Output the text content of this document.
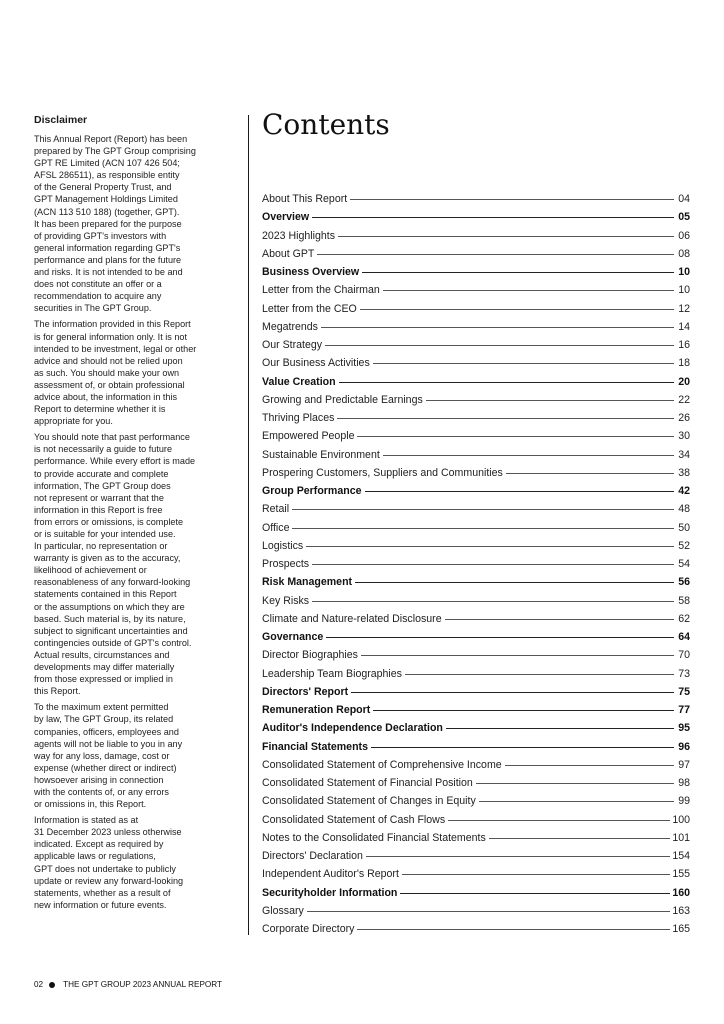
Disclaimer

This Annual Report (Report) has been
prepared by The GPT Group comprising
GPT RE Limited (ACN 107 426 504;
AFSL 286511), as responsible entity
of the General Property Trust, and
GPT Management Holdings Limited
(ACN 113 510 188) (together, GPT).
It has been prepared for the purpose
of providing GPT's investors with
general information regarding GPT's
performance and plans for the future
and risks. It is not intended to be and
does not constitute an offer or a
recommendation to acquire any
securities in The GPT Group.

The information provided in this Report
is for general information only. It is not
intended to be investment, legal or other
advice and should not be relied upon
as such. You should make your own
assessment of, or obtain professional
advice about, the information in this
Report to determine whether it is
appropriate for you.

You should note that past performance
is not necessarily a guide to future
performance. While every effort is made
to provide accurate and complete
information, The GPT Group does
not represent or warrant that the
information in this Report is free
from errors or omissions, is complete
or is suitable for your intended use.
In particular, no representation or
warranty is given as to the accuracy,
likelihood of achievement or
reasonableness of any forward-looking
statements contained in this Report
or the assumptions on which they are
based. Such material is, by its nature,
subject to significant uncertainties and
contingencies outside of GPT's control.
Actual results, circumstances and
developments may differ materially
from those expressed or implied in
this Report.

To the maximum extent permitted
by law, The GPT Group, its related
companies, officers, employees and
agents will not be liable to you in any
way for any loss, damage, cost or
expense (whether direct or indirect)
howsoever arising in connection
with the contents of, or any errors
or omissions in, this Report.

Information is stated as at
31 December 2023 unless otherwise
indicated. Except as required by
applicable laws or regulations,
GPT does not undertake to publicly
update or review any forward-looking
statements, whether as a result of
new information or future events.

Contents
About This Report	04
Overview	05
2023 Highlights	06
About GPT	08
Business Overview	10
Letter from the Chairman	10
Letter from the CEO	12
Megatrends	14
Our Strategy	16
Our Business Activities	18
Value Creation	20
Growing and Predictable Earnings	22
Thriving Places	26
Empowered People	30
Sustainable Environment	34
Prospering Customers, Suppliers and Communities	38
Group Performance	42
Retail	48
Office	50
Logistics	52
Prospects	54
Risk Management	56
Key Risks	58
Climate and Nature-related Disclosure	62
Governance	64
Director Biographies	70
Leadership Team Biographies	73
Directors' Report	75
Remuneration Report	77
Auditor's Independence Declaration	95
Financial Statements	96
Consolidated Statement of Comprehensive Income	97
Consolidated Statement of Financial Position	98
Consolidated Statement of Changes in Equity	99
Consolidated Statement of Cash Flows	100
Notes to the Consolidated Financial Statements	101
Directors' Declaration	154
Independent Auditor's Report	155
Securityholder Information	160
Glossary	163
Corporate Directory	165
02 THE GPT GROUP 2023 ANNUAL REPORT
